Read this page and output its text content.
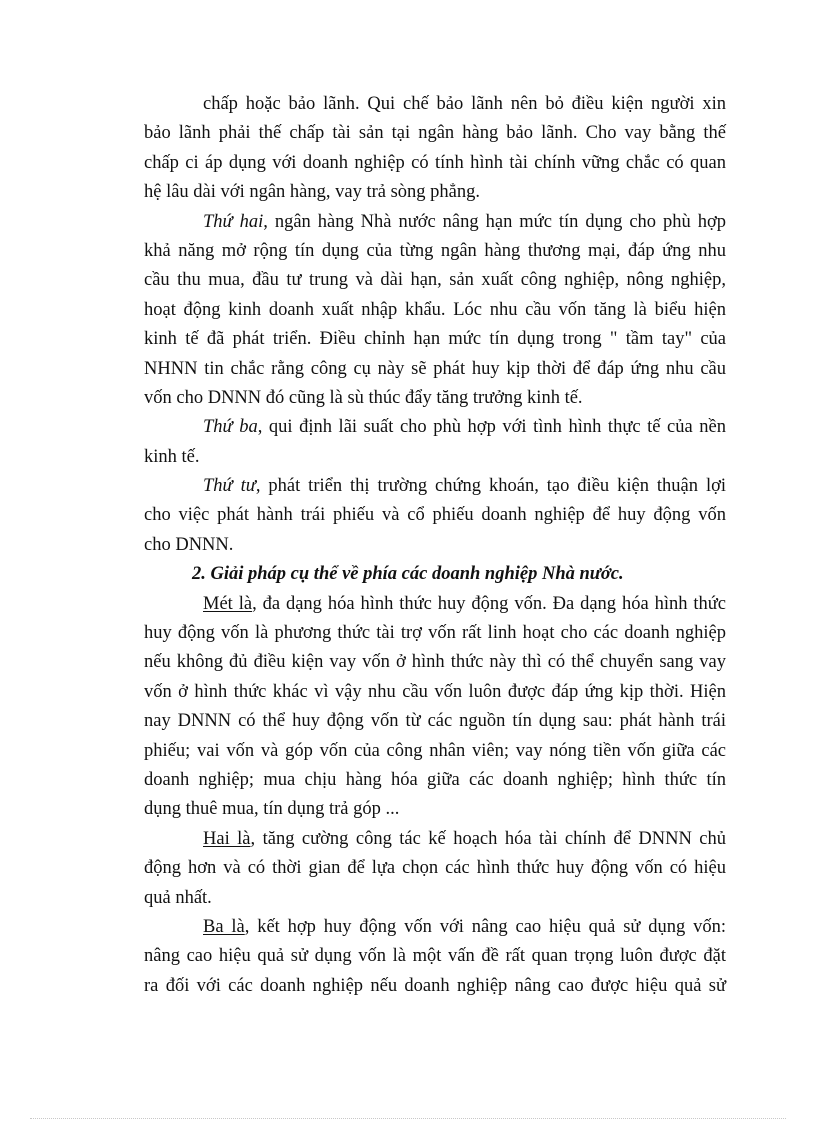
chấp hoặc bảo lãnh. Qui chế bảo lãnh nên bỏ điều kiện người xin
bảo lãnh phải thế chấp tài sản tại ngân hàng bảo lãnh. Cho vay bằng thế
chấp ci áp dụng với doanh nghiệp có tính hình tài chính vững chắc có quan
hệ lâu dài với ngân hàng, vay trả sòng phẳng.
Thứ hai, ngân hàng Nhà nước nâng hạn mức tín dụng cho phù hợp
khả năng mở rộng tín dụng của từng ngân hàng thương mại, đáp ứng nhu
cầu thu mua, đầu tư trung và dài hạn, sản xuất công nghiệp, nông nghiệp,
hoạt động kinh doanh xuất nhập khẩu. Lóc nhu cầu vốn tăng là biểu hiện
kinh tế đã phát triển. Điều chỉnh hạn mức tín dụng trong " tầm tay" của
NHNN tin chắc rằng công cụ này sẽ phát huy kịp thời để đáp ứng nhu cầu
vốn cho DNNN đó cũng là sù thúc đẩy tăng trưởng kinh tế.
Thứ ba, qui định lãi suất cho phù hợp với tình hình thực tế của nền
kinh tế.
Thứ tư, phát triển thị trường chứng khoán, tạo điều kiện thuận lợi
cho việc phát hành trái phiếu và cổ phiếu doanh nghiệp để huy động vốn
cho DNNN.
2. Giải pháp cụ thể về phía các doanh nghiệp Nhà nước.
Mét là, đa dạng hóa hình thức huy động vốn. Đa dạng hóa hình thức
huy động vốn là phương thức tài trợ vốn rất linh hoạt cho các doanh nghiệp
nếu không đủ điều kiện vay vốn ở hình thức này thì có thể chuyển sang vay
vốn ở hình thức khác vì vậy nhu cầu vốn luôn được đáp ứng kịp thời. Hiện
nay DNNN có thể huy động vốn từ các nguồn tín dụng sau: phát hành trái
phiếu; vai vốn và góp vốn của công nhân viên; vay nóng tiền vốn giữa các
doanh nghiệp; mua chịu hàng hóa giữa các doanh nghiệp; hình thức tín
dụng thuê mua, tín dụng trả góp ...
Hai là, tăng cường công tác kế hoạch hóa tài chính để DNNN chủ
động hơn và có thời gian để lựa chọn các hình thức huy động vốn có hiệu
quả nhất.
Ba là, kết hợp huy động vốn với nâng cao hiệu quả sử dụng vốn:
nâng cao hiệu quả sử dụng vốn là một vấn đề rất quan trọng luôn được đặt
ra đối với các doanh nghiệp nếu doanh nghiệp nâng cao được hiệu quả sử
